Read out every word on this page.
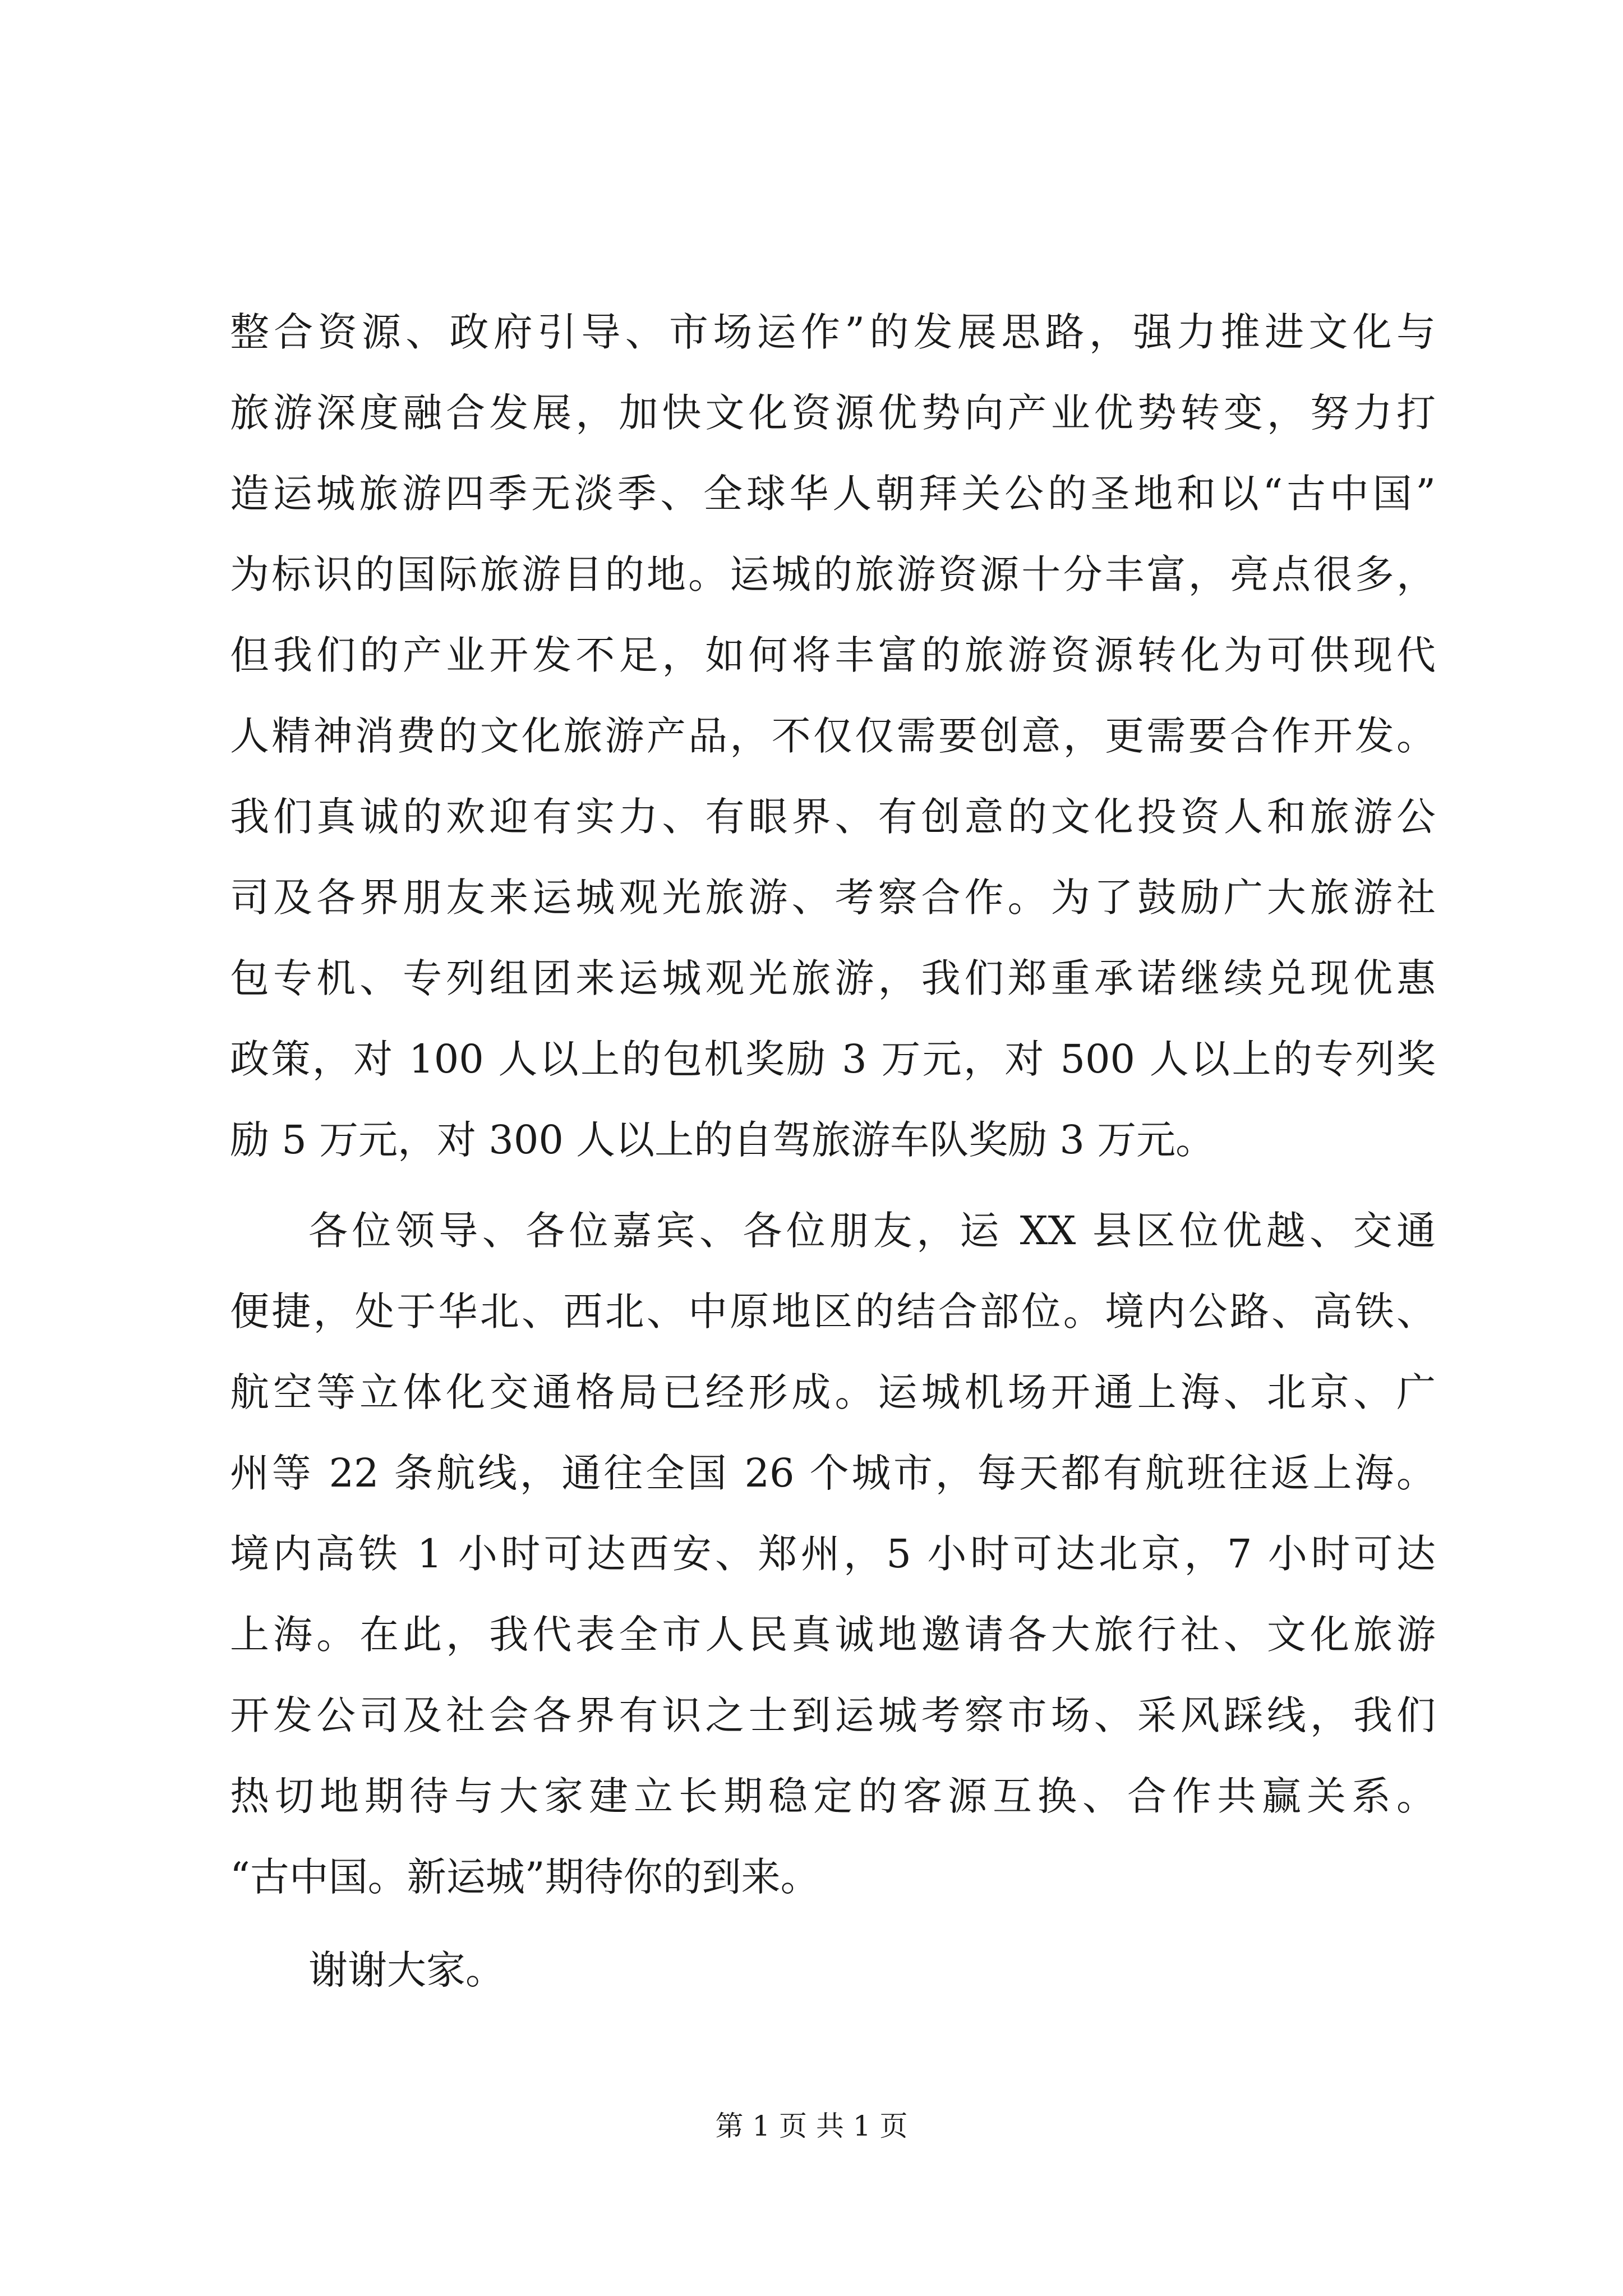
整合资源、政府引导、市场运作”的发展思路，强力推进文化与
旅游深度融合发展，加快文化资源优势向产业优势转变，努力打
造运城旅游四季无淡季、全球华人朝拜关公的圣地和以“古中国”
为标识的国际旅游目的地。运城的旅游资源十分丰富，亮点很多，
但我们的产业开发不足，如何将丰富的旅游资源转化为可供现代
人精神消费的文化旅游产品，不仅仅需要创意，更需要合作开发。
我们真诚的欢迎有实力、有眼界、有创意的文化投资人和旅游公
司及各界朋友来运城观光旅游、考察合作。为了鼓励广大旅游社
包专机、专列组团来运城观光旅游，我们郑重承诺继续兑现优惠
政策，对 100 人以上的包机奖励 3 万元，对 500 人以上的专列奖
励 5 万元，对 300 人以上的自驾旅游车队奖励 3 万元。
各位领导、各位嘉宾、各位朋友，运 XX 县区位优越、交通
便捷，处于华北、西北、中原地区的结合部位。境内公路、高铁、
航空等立体化交通格局已经形成。运城机场开通上海、北京、广
州等 22 条航线，通往全国 26 个城市，每天都有航班往返上海。
境内高铁 1 小时可达西安、郑州，5 小时可达北京，7 小时可达
上海。在此，我代表全市人民真诚地邀请各大旅行社、文化旅游
开发公司及社会各界有识之士到运城考察市场、采风踩线，我们
热切地期待与大家建立长期稳定的客源互换、合作共赢关系。
“古中国。新运城”期待你的到来。
谢谢大家。
第 1 页 共 1 页
